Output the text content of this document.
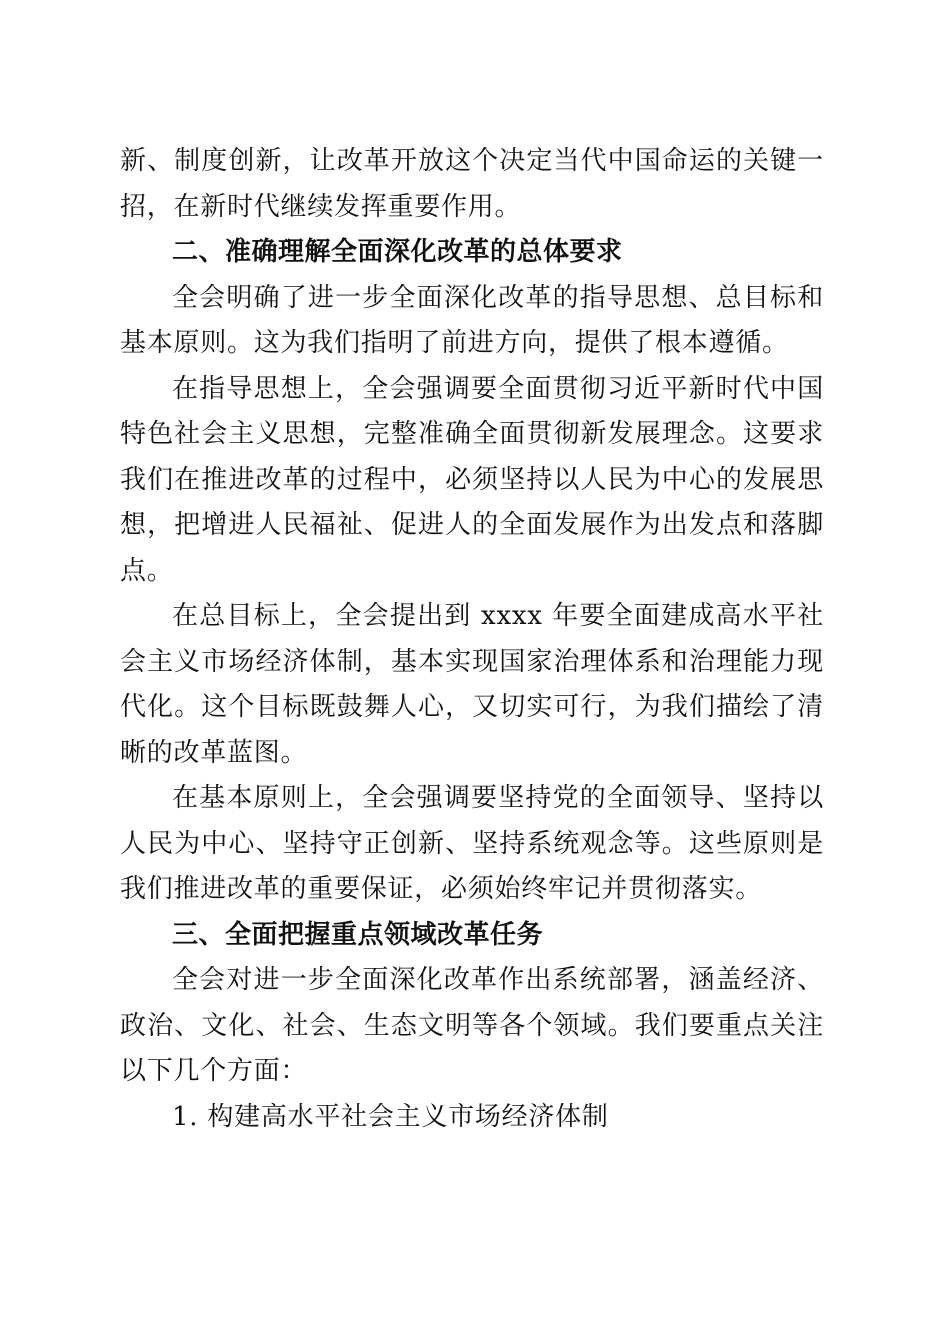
新、制度创新，让改革开放这个决定当代中国命运的关键一招，在新时代继续发挥重要作用。

二、准确理解全面深化改革的总体要求

全会明确了进一步全面深化改革的指导思想、总目标和基本原则。这为我们指明了前进方向，提供了根本遵循。

在指导思想上，全会强调要全面贯彻习近平新时代中国特色社会主义思想，完整准确全面贯彻新发展理念。这要求我们在推进改革的过程中，必须坚持以人民为中心的发展思想，把增进人民福祉、促进人的全面发展作为出发点和落脚点。

在总目标上，全会提出到 xxxx 年要全面建成高水平社会主义市场经济体制，基本实现国家治理体系和治理能力现代化。这个目标既鼓舞人心，又切实可行，为我们描绘了清晰的改革蓝图。

在基本原则上，全会强调要坚持党的全面领导、坚持以人民为中心、坚持守正创新、坚持系统观念等。这些原则是我们推进改革的重要保证，必须始终牢记并贯彻落实。

三、全面把握重点领域改革任务

全会对进一步全面深化改革作出系统部署，涵盖经济、政治、文化、社会、生态文明等各个领域。我们要重点关注以下几个方面：

1. 构建高水平社会主义市场经济体制
